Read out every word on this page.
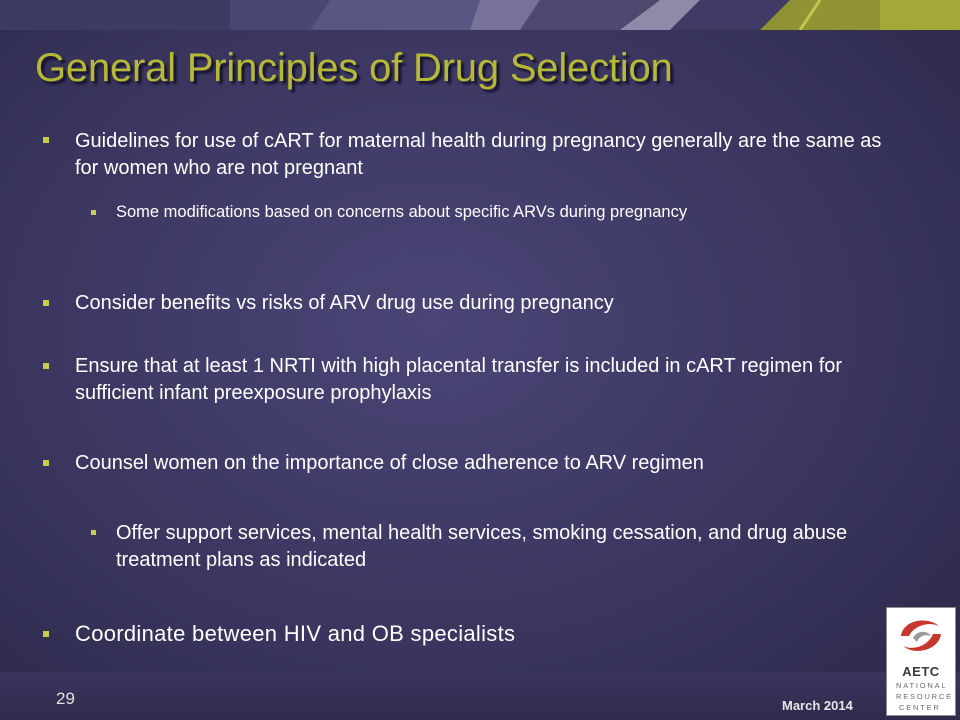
General Principles of Drug Selection
Guidelines for use of cART for maternal health during pregnancy generally are the same as for women who are not pregnant
Some modifications based on concerns about specific ARVs during pregnancy
Consider benefits vs risks of ARV drug use during pregnancy
Ensure that at least 1 NRTI with high placental transfer is included in cART regimen for sufficient infant preexposure prophylaxis
Counsel women on the importance of close adherence to ARV regimen
Offer support services, mental health services, smoking cessation, and drug abuse treatment plans as indicated
Coordinate between HIV and OB specialists
29	March 2014
AETC
NATIONAL
RESOURCE
CENTER
